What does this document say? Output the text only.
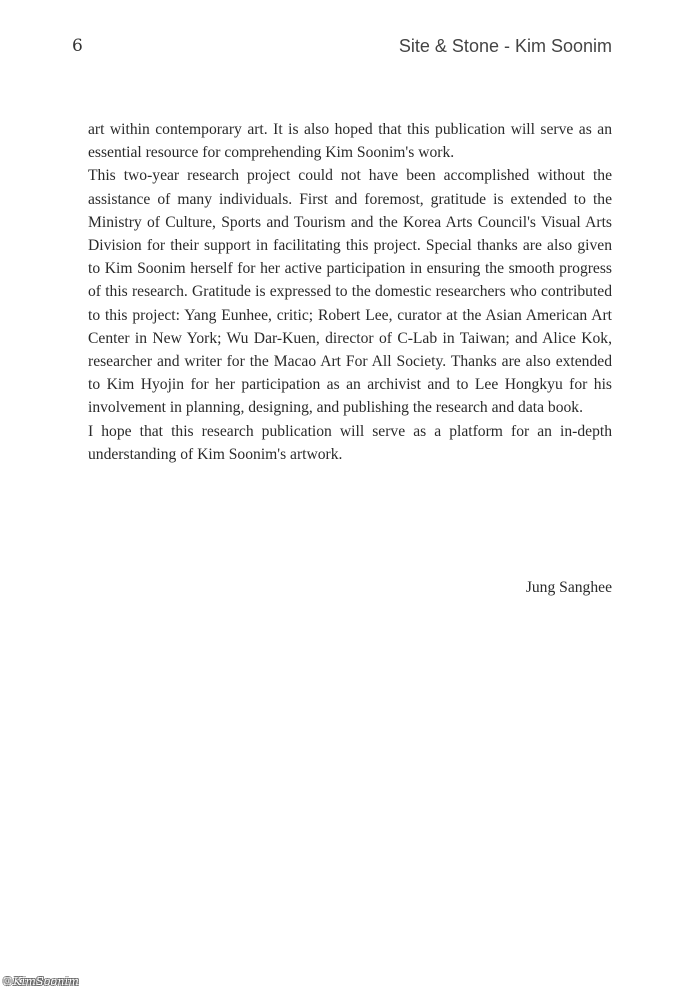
6	Site & Stone - Kim Soonim

art within contemporary art. It is also hoped that this publication will serve as an essential resource for comprehending Kim Soonim's work.

This two-year research project could not have been accomplished without the assistance of many individuals. First and foremost, gratitude is extended to the Ministry of Culture, Sports and Tourism and the Korea Arts Council's Visual Arts Division for their support in facilitating this project. Special thanks are also given to Kim Soonim herself for her active participation in ensuring the smooth progress of this research. Gratitude is expressed to the domestic researchers who contributed to this project: Yang Eunhee, critic; Robert Lee, curator at the Asian American Art Center in New York; Wu Dar-Kuen, director of C-Lab in Taiwan; and Alice Kok, researcher and writer for the Macao Art For All Society. Thanks are also extended to Kim Hyojin for her participation as an archivist and to Lee Hongkyu for his involvement in planning, designing, and publishing the research and data book.

I hope that this research publication will serve as a platform for an in-depth understanding of Kim Soonim's artwork.

Jung Sanghee
©KimSoonim
